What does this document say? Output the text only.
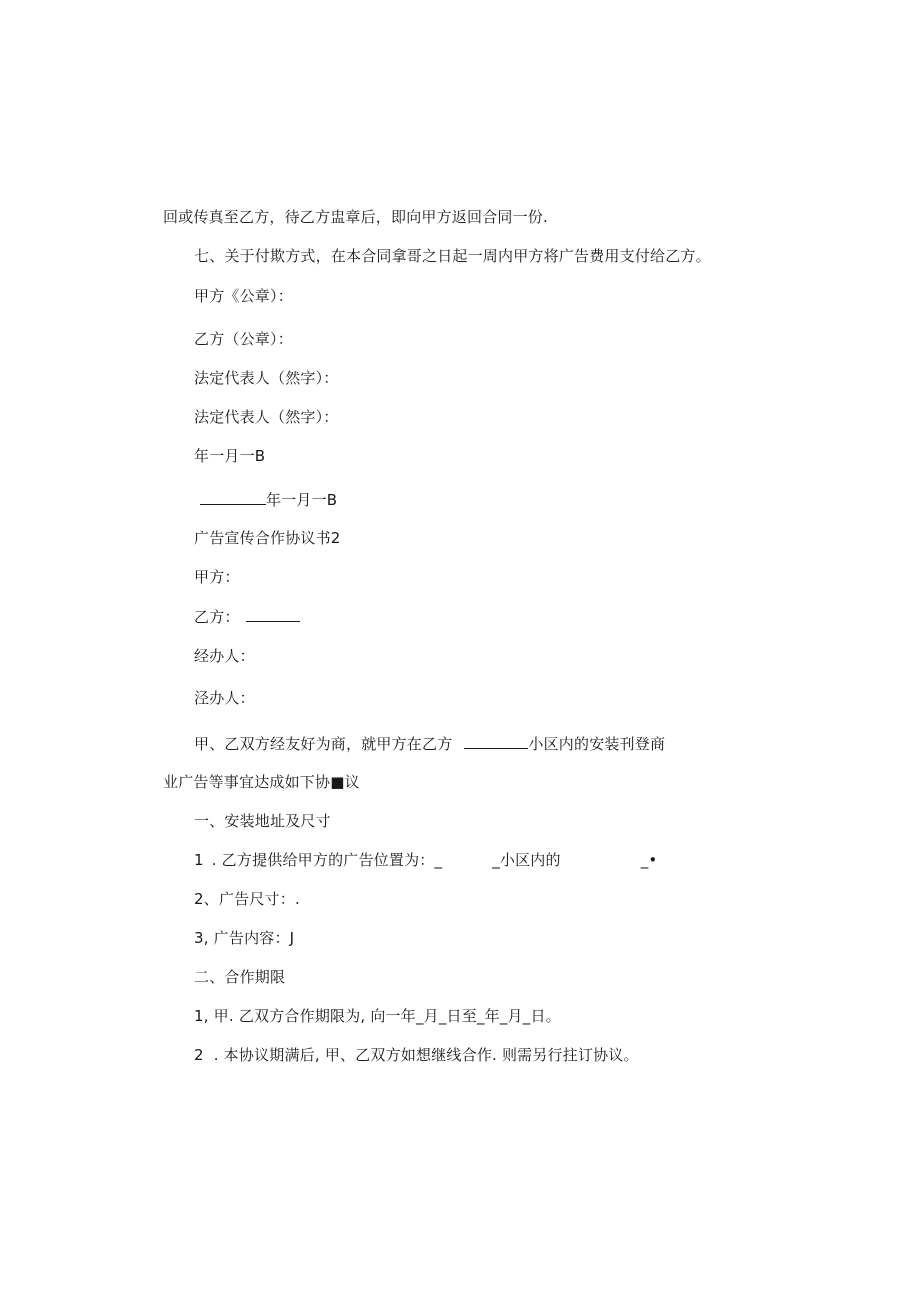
回或传真至乙方，待乙方盅章后，即向甲方返回合同一份.
七、关于付欺方式，在本合同拿哥之日起一周内甲方将广告费用支付给乙方。
甲方《公章）：
乙方（公章）：
法定代表人（然字）：
法定代表人（然字）：
年一月一B
年一月一B
广告宣传合作协议书2
甲方：
乙方：
经办人：
泾办人：
甲、乙双方经友好为商，就甲方在乙方	小区内的安装刊登商
业广告等事宜达成如下协■议
一、安装地址及尺寸
1 . 乙方提供给甲方的广告位置为：_	_小区内的	_•
2、广告尺寸：.
3, 广告内容：J
二、合作期限
1, 甲. 乙双方合作期限为, 向一年_月_日至_年_月_日。
2 . 本协议期满后, 甲、乙双方如想继线合作. 则需另行拄订协议。
